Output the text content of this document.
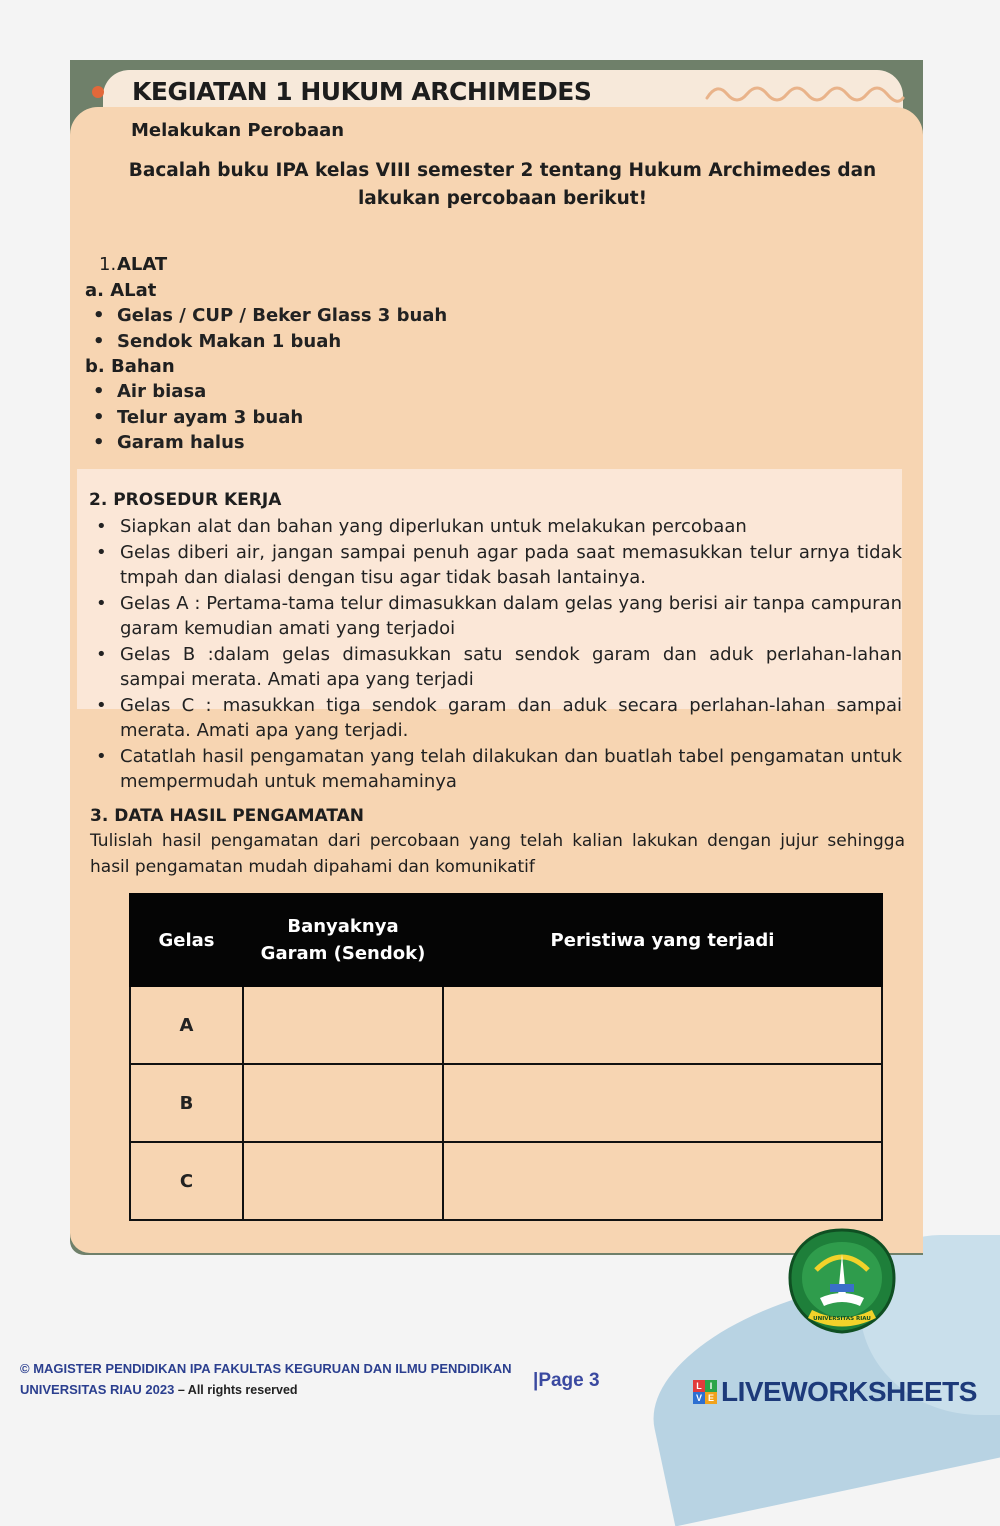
KEGIATAN 1 HUKUM ARCHIMEDES

Melakukan Perobaan

Bacalah buku IPA kelas VIII semester 2 tentang Hukum Archimedes dan lakukan percobaan berikut!

1. ALAT

a. ALat

• Gelas / CUP / Beker Glass 3 buah
• Sendok Makan 1 buah

b. Bahan

• Air biasa
• Telur ayam 3 buah
• Garam halus

2. PROSEDUR KERJA

• Siapkan alat dan bahan yang diperlukan untuk melakukan percobaan
• Gelas diberi air, jangan sampai penuh agar pada saat memasukkan telur arnya tidak tmpah dan dialasi dengan tisu agar tidak basah lantainya.
• Gelas A : Pertama-tama telur dimasukkan dalam gelas yang berisi air tanpa campuran garam kemudian amati yang terjadoi
• Gelas B :dalam gelas dimasukkan satu sendok garam dan aduk perlahan-lahan sampai merata. Amati apa yang terjadi
• Gelas C : masukkan tiga sendok garam dan aduk secara perlahan-lahan sampai merata. Amati apa yang terjadi.
• Catatlah hasil pengamatan yang telah dilakukan dan buatlah tabel pengamatan untuk mempermudah untuk memahaminya

3. DATA HASIL PENGAMATAN

Tulislah hasil pengamatan dari percobaan yang telah kalian lakukan dengan jujur sehingga hasil pengamatan mudah dipahami dan komunikatif

Gelas	Banyaknya Garam (Sendok)	Peristiwa yang terjadi
A		
B		
C		
UNIVERSITAS RIAU

© MAGISTER PENDIDIKAN IPA FAKULTAS KEGURUAN DAN ILMU PENDIDIKAN
UNIVERSITAS RIAU 2023 – All rights reserved	|Page 3	L I
V E LIVEWORKSHEETS
